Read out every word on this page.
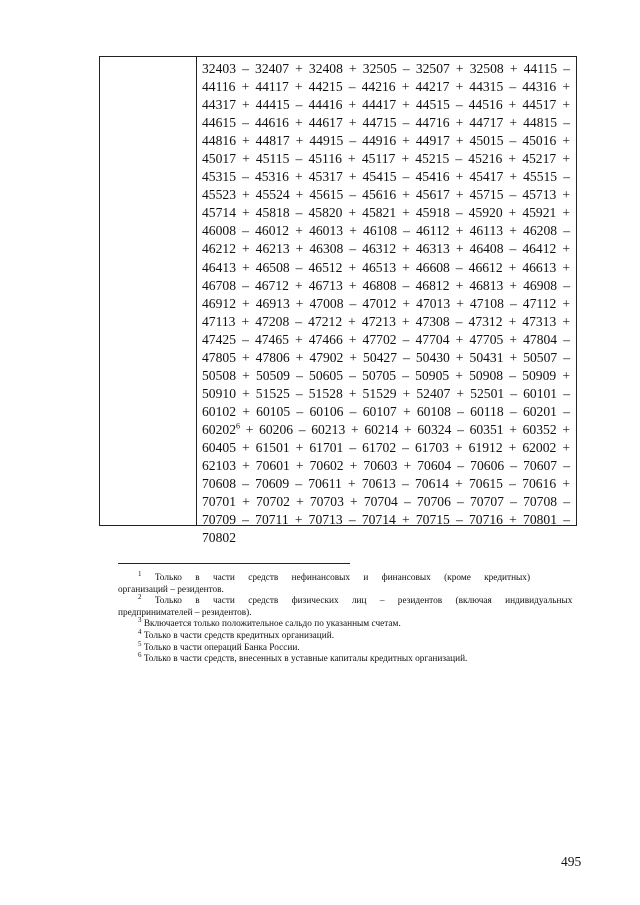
32403 – 32407 + 32408 + 32505 – 32507 + 32508 + 44115 –
44116 + 44117 + 44215 – 44216 + 44217 + 44315 – 44316 +
44317 + 44415 – 44416 + 44417 + 44515 – 44516 + 44517 +
44615 – 44616 + 44617 + 44715 – 44716 + 44717 + 44815 –
44816 + 44817 + 44915 – 44916 + 44917 + 45015 – 45016 +
45017 + 45115 – 45116 + 45117 + 45215 – 45216 + 45217 +
45315 – 45316 + 45317 + 45415 – 45416 + 45417 + 45515 –
45523 + 45524 + 45615 – 45616 + 45617 + 45715 – 45713 +
45714 + 45818 – 45820 + 45821 + 45918 – 45920 + 45921 +
46008 – 46012 + 46013 + 46108 – 46112 + 46113 + 46208 –
46212 + 46213 + 46308 – 46312 + 46313 + 46408 – 46412 +
46413 + 46508 – 46512 + 46513 + 46608 – 46612 + 46613 +
46708 – 46712 + 46713 + 46808 – 46812 + 46813 + 46908 –
46912 + 46913 + 47008 – 47012 + 47013 + 47108 – 47112 +
47113 + 47208 – 47212 + 47213 + 47308 – 47312 + 47313 +
47425 – 47465 + 47466 + 47702 – 47704 + 47705 + 47804 –
47805 + 47806 + 47902 + 50427 – 50430 + 50431 + 50507 –
50508 + 50509 – 50605 – 50705 – 50905 + 50908 – 50909 +
50910 + 51525 – 51528 + 51529 + 52407 + 52501 – 60101 –
60102 + 60105 – 60106 – 60107 + 60108 – 60118 – 60201 –
$60202^6 + 60206 - 60213 + 60214 + 60324 - 60351 + 60352$ +
60405 + 61501 + 61701 – 61702 – 61703 + 61912 + 62002 +
62103 + 70601 + 70602 + 70603 + 70604 – 70606 – 70607 –
70608 – 70609 – 70611 + 70613 – 70614 + 70615 – 70616 +
70701 + 70702 + 70703 + 70704 – 70706 – 70707 – 70708 –
70709 – 70711 + 70713 – 70714 + 70715 – 70716 + 70801 –
70802
$^1$ Только в части средств нефинансовых и финансовых (кроме кредитных)
организаций – резидентов.
$^2$ Только в части средств физических лиц – резидентов (включая индивидуальных
предпринимателей – резидентов).
$^3$ Включается только положительное сальдо по указанным счетам.
$^4$ Только в части средств кредитных организаций.
$^5$ Только в части операций Банка России.
$^6$ Только в части средств, внесенных в уставные капиталы кредитных организаций.
495
